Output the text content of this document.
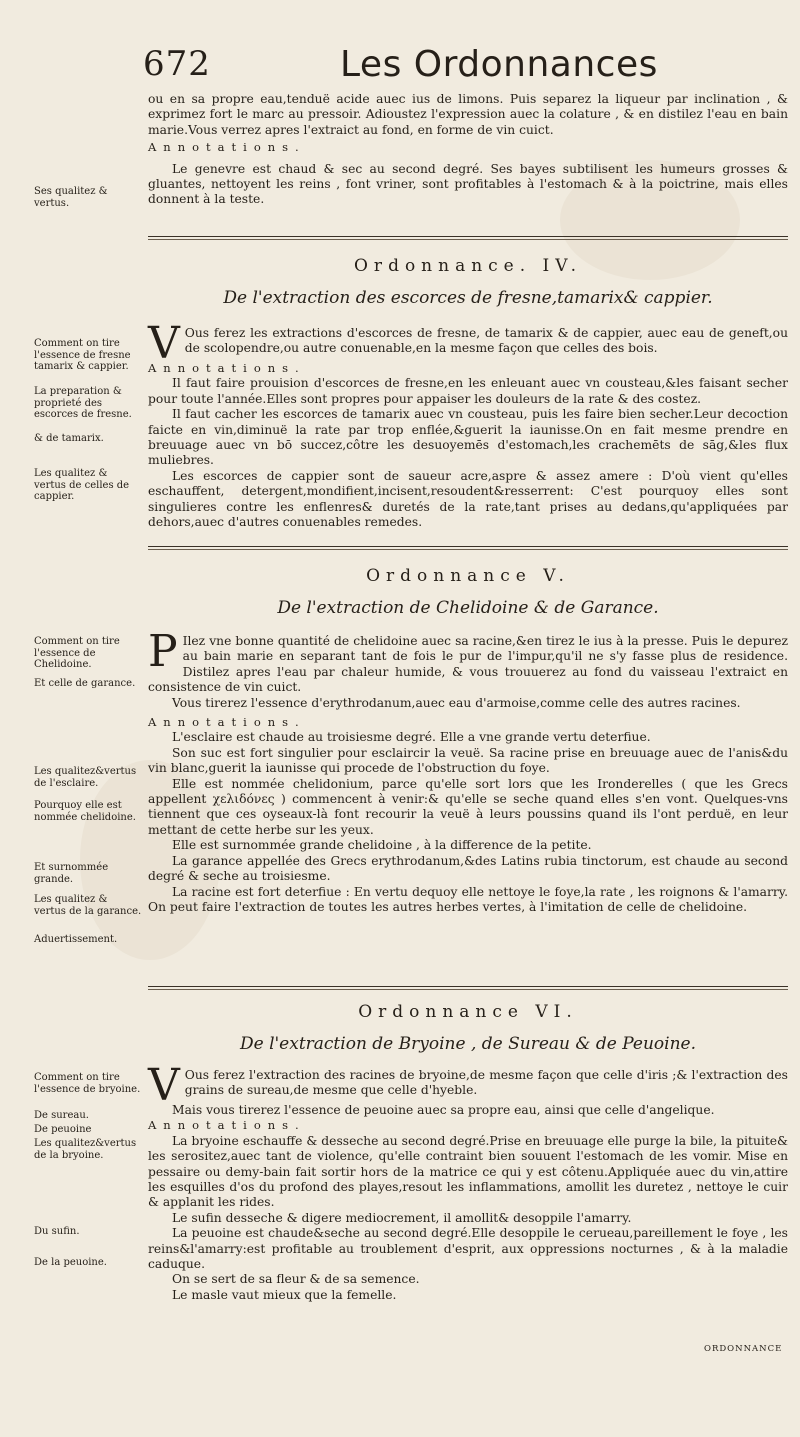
672	Les Ordonnances

ou en sa propre eau,tenduë acide auec ius de limons. Puis separez la liqueur par inclination , & exprimez fort le marc au pressoir. Adioustez l'expression auec la colature , & en distilez l'eau en bain marie.Vous verrez apres l'extraict au fond, en forme de vin cuict.

Annotations.

Le genevre est chaud & sec au second degré. Ses bayes subtilisent les humeurs grosses & gluantes, nettoyent les reins , font vriner, sont profitables à l'estomach & à la poictrine, mais elles donnent à la teste.

Ses qualitez & vertus.
Ordonnance. IV.
De l'extraction des escorces de fresne,tamarix& cappier.

V Ous ferez les extractions d'escorces de fresne, de tamarix & de cappier, auec eau de geneft,ou de scolopendre,ou autre conuenable,en la mesme façon que celles des bois.

Annotations.

Il faut faire prouision d'escorces de fresne,en les enleuant auec vn cousteau,&les faisant secher pour toute l'année.Elles sont propres pour appaiser les douleurs de la rate & des costez.

Il faut cacher les escorces de tamarix auec vn cousteau, puis les faire bien secher.Leur decoction faicte en vin,diminuë la rate par trop enflée,&guerit la iaunisse.On en fait mesme prendre en breuuage auec vn bō succez,côtre les desuoyemēs d'estomach,les crachemēts de sāg,&les flux muliebres.

Les escorces de cappier sont de saueur acre,aspre & assez amere : D'où vient qu'elles eschauffent, detergent,mondifient,incisent,resoudent&resserrent: C'est pourquoy elles sont singulieres contre les enflenres& duretés de la rate,tant prises au dedans,qu'appliquées par dehors,auec d'autres conuenables remedes.

Comment on tire l'essence de fresne tamarix & cappier.
La preparation & proprieté des escorces de fresne.
& de tamarix.
Les qualitez & vertus de celles de cappier.
Ordonnance V.
De l'extraction de Chelidoine & de Garance.

P Ilez vne bonne quantité de chelidoine auec sa racine,&en tirez le ius à la presse. Puis le depurez au bain marie en separant tant de fois le pur de l'impur,qu'il ne s'y fasse plus de residence. Distilez apres l'eau par chaleur humide, & vous trouuerez au fond du vaisseau l'extraict en consistence de vin cuict.

Vous tirerez l'essence d'erythrodanum,auec eau d'armoise,comme celle des autres racines.

Annotations.

L'esclaire est chaude au troisiesme degré. Elle a vne grande vertu deterfiue.

Son suc est fort singulier pour esclaircir la veuë. Sa racine prise en breuuage auec de l'anis&du vin blanc,guerit la iaunisse qui procede de l'obstruction du foye.

Elle est nommée chelidonium, parce qu'elle sort lors que les Ironderelles ( que les Grecs appellent χελιδόνες ) commencent à venir:& qu'elle se seche quand elles s'en vont. Quelques-vns tiennent que ces oyseaux-là font recourir la veuë à leurs poussins quand ils l'ont perduë, en leur mettant de cette herbe sur les yeux.

Elle est surnommée grande chelidoine , à la difference de la petite.

La garance appellée des Grecs erythrodanum,&des Latins rubia tinctorum, est chaude au second degré & seche au troisiesme.

La racine est fort deterfiue : En vertu dequoy elle nettoye le foye,la rate , les roignons & l'amarry. On peut faire l'extraction de toutes les autres herbes vertes, à l'imitation de celle de chelidoine.

Comment on tire l'essence de Chelidoine.
Et celle de garance.
Les qualitez&vertus de l'esclaire.
Pourquoy elle est nommée chelidoine.
Et surnommée grande.
Les qualitez & vertus de la garance.
Aduertissement.
Ordonnance VI.
De l'extraction de Bryoine , de Sureau & de Peuoine.

V Ous ferez l'extraction des racines de bryoine,de mesme façon que celle d'iris ;& l'extraction des grains de sureau,de mesme que celle d'hyeble.

Mais vous tirerez l'essence de peuoine auec sa propre eau, ainsi que celle d'angelique.

Annotations.

La bryoine eschauffe & desseche au second degré.Prise en breuuage elle purge la bile, la pituite& les serositez,auec tant de violence, qu'elle contraint bien souuent l'estomach de les vomir. Mise en pessaire ou demy-bain fait sortir hors de la matrice ce qui y est côtenu.Appliquée auec du vin,attire les esquilles d'os du profond des playes,resout les inflammations, amollit les duretez , nettoye le cuir & applanit les rides.

Le sufin desseche & digere mediocrement, il amollit& desoppile l'amarry.

La peuoine est chaude&seche au second degré.Elle desoppile le cerueau,pareillement le foye , les reins&l'amarry:est profitable au troublement d'esprit, aux oppressions nocturnes , & à la maladie caduque.

On se sert de sa fleur & de sa semence.

Le masle vaut mieux que la femelle.

Comment on tire l'essence de bryoine.
De sureau.
De peuoine
Les qualitez&vertus de la bryoine.
Du sufin.
De la peuoine.
ORDONNANCE
